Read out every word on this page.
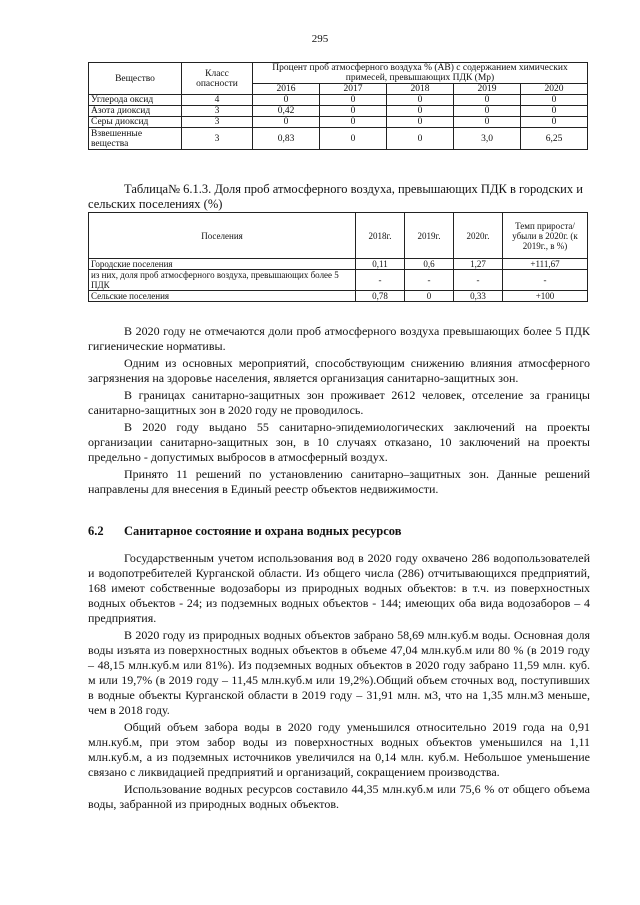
295
Вещество	Класс опасности	Процент проб атмосферного воздуха % (АВ) с содержанием химических примесей, превышающих ПДК (Мр)				
		2016	2017	2018	2019	2020
Углерода оксид	4	0	0	0	0	0
Азота диоксид	3	0,42	0	0	0	0
Серы диоксид	3	0	0	0	0	0
Взвешенные вещества	3	0,83	0	0	3,0	6,25
Таблица№ 6.1.3. Доля проб атмосферного воздуха, превышающих ПДК в городских и сельских поселениях (%)
Поселения	2018г.	2019г.	2020г.	Темп прироста/убыли в 2020г. (к 2019г., в %)
Городские поселения	0,11	0,6	1,27	+111,67
из них, доля проб атмосферного воздуха, превышающих более 5 ПДК	-	-	-	-
Сельские поселения	0,78	0	0,33	+100

В 2020 году не отмечаются доли проб атмосферного воздуха превышающих более 5 ПДК гигиенические нормативы.

Одним из основных мероприятий, способствующим снижению влияния атмосферного загрязнения на здоровье населения, является организация санитарно-защитных зон.

В границах санитарно-защитных зон проживает 2612 человек, отселение за границы санитарно-защитных зон в 2020 году не проводилось.

В 2020 году выдано 55 санитарно-эпидемиологических заключений на проекты организации санитарно-защитных зон, в 10 случаях отказано, 10 заключений на проекты предельно - допустимых выбросов в атмосферный воздух.

Принято 11 решений по установлению санитарно–защитных зон. Данные решений направлены для внесения в Единый реестр объектов недвижимости.

6.2 Санитарное состояние и охрана водных ресурсов

Государственным учетом использования вод в 2020 году охвачено 286 водопользователей и водопотребителей Курганской области. Из общего числа (286) отчитывающихся предприятий, 168 имеют собственные водозаборы из природных водных объектов: в т.ч. из поверхностных водных объектов - 24; из подземных водных объектов - 144; имеющих оба вида водозаборов – 4 предприятия.

В 2020 году из природных водных объектов забрано 58,69 млн.куб.м воды. Основная доля воды изъята из поверхностных водных объектов в объеме 47,04 млн.куб.м или 80 % (в 2019 году – 48,15 млн.куб.м или 81%). Из подземных водных объектов в 2020 году забрано 11,59 млн. куб. м или 19,7% (в 2019 году – 11,45 млн.куб.м или 19,2%).Общий объем сточных вод, поступивших в водные объекты Курганской области в 2019 году – 31,91 млн. м3, что на 1,35 млн.м3 меньше, чем в 2018 году.

Общий объем забора воды в 2020 году уменьшился относительно 2019 года на 0,91 млн.куб.м, при этом забор воды из поверхностных водных объектов уменьшился на 1,11 млн.куб.м, а из подземных источников увеличился на 0,14 млн. куб.м. Небольшое уменьшение связано с ликвидацией предприятий и организаций, сокращением производства.

Использование водных ресурсов составило 44,35 млн.куб.м или 75,6 % от общего объема воды, забранной из природных водных объектов.
